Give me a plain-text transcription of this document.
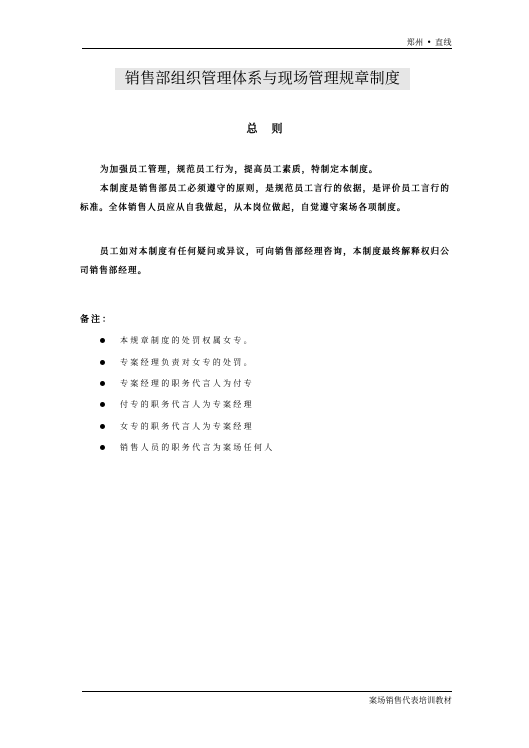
郑州 • 直线
销售部组织管理体系与现场管理规章制度
总则

为加强员工管理，规范员工行为，提高员工素质，特制定本制度。

本制度是销售部员工必须遵守的原则，是规范员工言行的依据，是评价员工言行的标准。全体销售人员应从自我做起，从本岗位做起，自觉遵守案场各项制度。

员工如对本制度有任何疑问或异议，可向销售部经理咨询，本制度最终解释权归公司销售部经理。

备注：
本规章制度的处罚权属女专。
专案经理负责对女专的处罚。
专案经理的职务代言人为付专
付专的职务代言人为专案经理
女专的职务代言人为专案经理
销售人员的职务代言为案场任何人
案场销售代表培训教材
